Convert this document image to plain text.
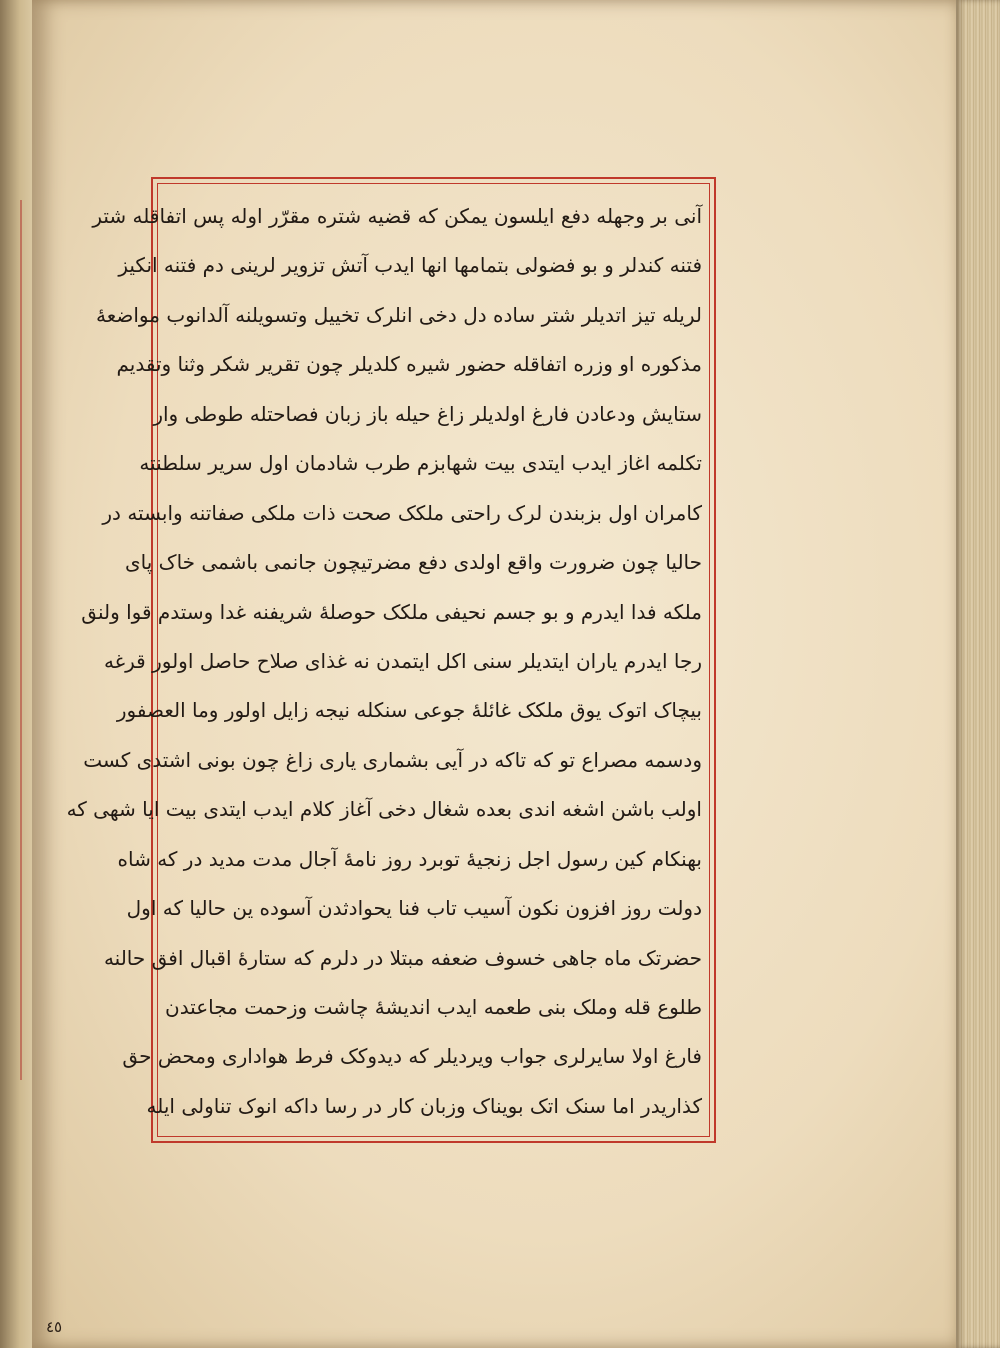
آنی بر وجهله دفع ایلسون یمکن که قضیه شتره مقرّر اوله پس اتفاقله شتر
فتنه کندلر و بو فضولی بتمامها انها ایدب آتش تزویر لرینی دم فتنه انکیز
لریله تیز اتدیلر شتر ساده دل دخی انلرک تخییل وتسویلنه آلدانوب مواضعهٔ
مذکوره او وزره اتفاقله حضور شیره کلدیلر چون تقریر شکر وثنا وتقدیم
ستایش ودعادن فارغ اولدیلر زاغ حیله باز زبان فصاحتله طوطی وار
تکلمه اغاز ایدب ایتدی بیت شهابزم طرب شادمان اول سریر سلطنته
کامران اول بزبندن لرک راحتی ملکک صحت ذات ملکی صفاتنه وابسته در
حالیا چون ضرورت واقع اولدی دفع مضرتیچون جانمی باشمی خاک پای
ملکه فدا ایدرم و بو جسم نحیفی ملکک حوصلهٔ شریفنه غدا وستدم قوا ولنق
رجا ایدرم یاران ایتدیلر سنی اکل ایتمدن نه غذای صلاح حاصل اولور قرغه
بیچاک اتوک یوق ملکک غائلهٔ جوعی سنکله نیجه زایل اولور وما العصفور
ودسمه مصراع تو که تاکه در آیی بشماری یاری زاغ چون بونی اشتدی کست
اولب باشن اشغه اندی بعده شغال دخی آغاز کلام ایدب ایتدی بیت ایا شهی که
بهنکام کین رسول اجل زنجیهٔ توبرد روز نامهٔ آجال مدت مدید در که شاه
دولت روز افزون نکون آسیب تاب فنا یحوادثدن آسوده ین حالیا که اول
حضرتک ماه جاهی خسوف ضعفه مبتلا در دلرم که ستارهٔ اقبال افق حالنه
طلوع قله وملک بنی طعمه ایدب اندیشهٔ چاشت وزحمت مجاعتدن
فارغ اولا سایرلری جواب ویردیلر که دیدوکک فرط هواداری ومحض حق
کذاریدر اما سنک اتک بویناک وزبان کار در رسا داکه انوک تناولی ایله
٤٥
